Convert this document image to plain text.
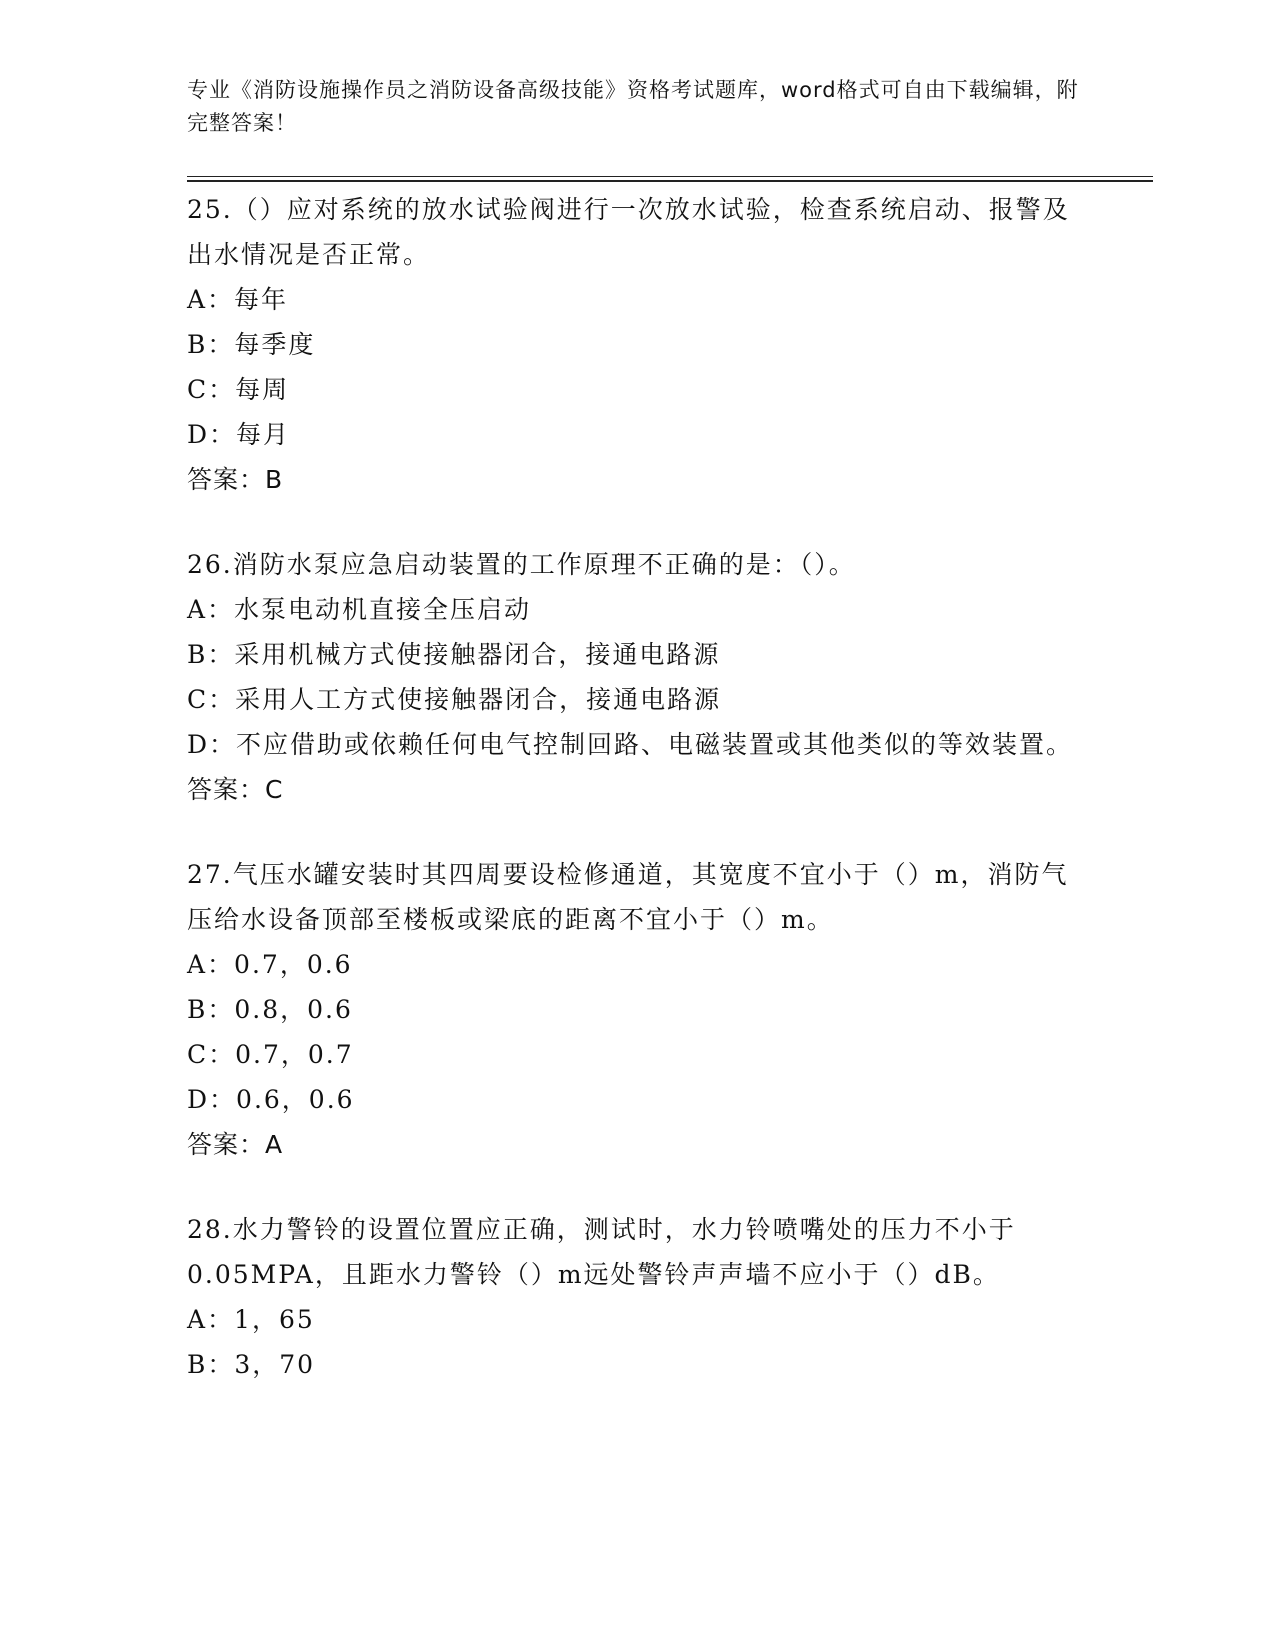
专业《消防设施操作员之消防设备高级技能》资格考试题库，word格式可自由下载编辑，附完整答案！

25.（）应对系统的放水试验阀进行一次放水试验，检查系统启动、报警及出水情况是否正常。

A：每年

B：每季度

C：每周

D：每月

答案：B

26.消防水泵应急启动装置的工作原理不正确的是：（）。

A：水泵电动机直接全压启动

B：采用机械方式使接触器闭合，接通电路源

C：采用人工方式使接触器闭合，接通电路源

D：不应借助或依赖任何电气控制回路、电磁装置或其他类似的等效装置。

答案：C

27.气压水罐安装时其四周要设检修通道，其宽度不宜小于（）m，消防气压给水设备顶部至楼板或梁底的距离不宜小于（）m。

A：0.7，0.6

B：0.8，0.6

C：0.7，0.7

D：0.6，0.6

答案：A

28.水力警铃的设置位置应正确，测试时，水力铃喷嘴处的压力不小于0.05MPA，且距水力警铃（）m远处警铃声声墙不应小于（）dB。

A：1，65

B：3，70
